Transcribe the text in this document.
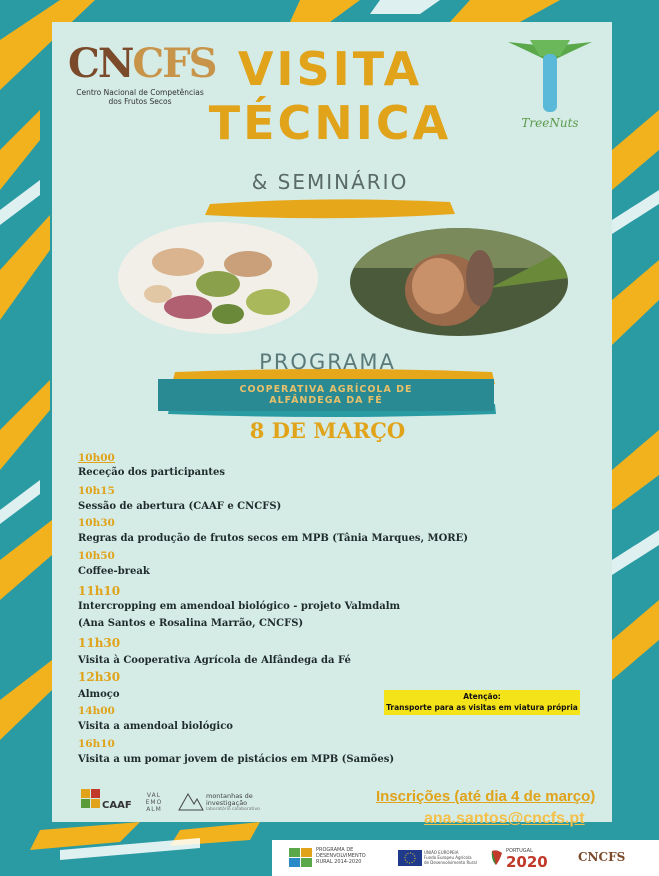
CNCFS
Centro Nacional de Competências dos Frutos Secos
VISITA
TÉCNICA
& SEMINÁRIO
TreeNuts
PROGRAMA
COOPERATIVA AGRÍCOLA DE
ALFÂNDEGA DA FÉ
8 DE MARÇO
10h00
Receção dos participantes
10h15
Sessão de abertura (CAAF e CNCFS)
10h30
Regras da produção de frutos secos em MPB (Tânia Marques, MORE)
10h50
Coffee-break
11h10
Intercropping em amendoal biológico - projeto Valmdalm
(Ana Santos e Rosalina Marrão, CNCFS)
11h30
Visita à Cooperativa Agrícola de Alfândega da Fé
12h30
Almoço
14h00
Visita a amendoal biológico
16h10
Visita a um pomar jovem de pistácios em MPB (Samões)
Atenção:
Transporte para as visitas em viatura própria
CAAF
VAL EMO ALM
montanhas de investigação
laboratório colaborativo
Inscrições (até dia 4 de março)
ana.santos@cncfs.pt
PROGRAMA DE
DESENVOLVIMENTO
RURAL 2014-2020
UNIÃO EUROPEIA
Fundo Europeu Agrícola
de Desenvolvimento Rural
PORTUGAL
2020	CNCFS
